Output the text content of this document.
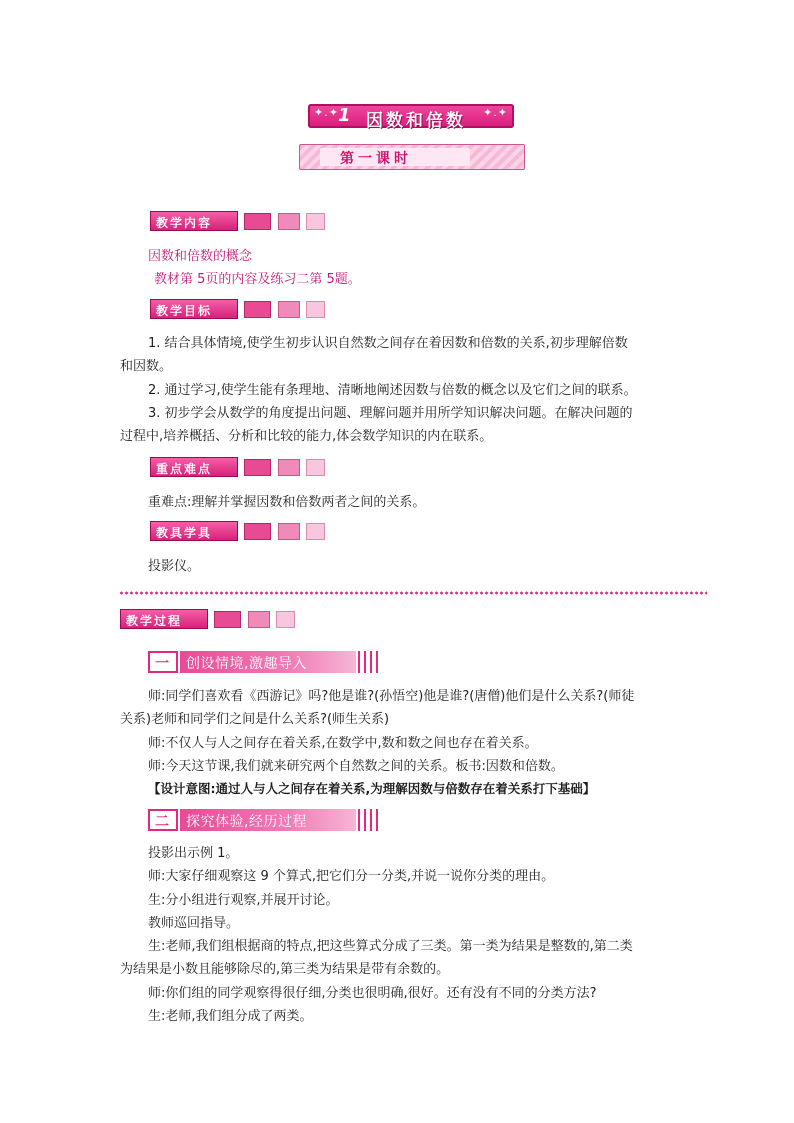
✦.✦ 1 因数和倍数 ✦.✦
第一课时
教学内容
因数和倍数的概念
教材第 5页的内容及练习二第 5题。
教学目标
1. 结合具体情境,使学生初步认识自然数之间存在着因数和倍数的关系,初步理解倍数
和因数。
2. 通过学习,使学生能有条理地、清晰地阐述因数与倍数的概念以及它们之间的联系。
3. 初步学会从数学的角度提出问题、理解问题并用所学知识解决问题。在解决问题的
过程中,培养概括、分析和比较的能力,体会数学知识的内在联系。
重点难点
重难点:理解并掌握因数和倍数两者之间的关系。
教具学具
投影仪。
教学过程
一 创设情境,激趣导入
师:同学们喜欢看《西游记》吗?他是谁?(孙悟空)他是谁?(唐僧)他们是什么关系?(师徒
关系)老师和同学们之间是什么关系?(师生关系)
师:不仅人与人之间存在着关系,在数学中,数和数之间也存在着关系。
师:今天这节课,我们就来研究两个自然数之间的关系。板书:因数和倍数。
【设计意图:通过人与人之间存在着关系,为理解因数与倍数存在着关系打下基础】
二 探究体验,经历过程
投影出示例 1。
师:大家仔细观察这 9 个算式,把它们分一分类,并说一说你分类的理由。
生:分小组进行观察,并展开讨论。
教师巡回指导。
生:老师,我们组根据商的特点,把这些算式分成了三类。第一类为结果是整数的,第二类
为结果是小数且能够除尽的,第三类为结果是带有余数的。
师:你们组的同学观察得很仔细,分类也很明确,很好。还有没有不同的分类方法?
生:老师,我们组分成了两类。
